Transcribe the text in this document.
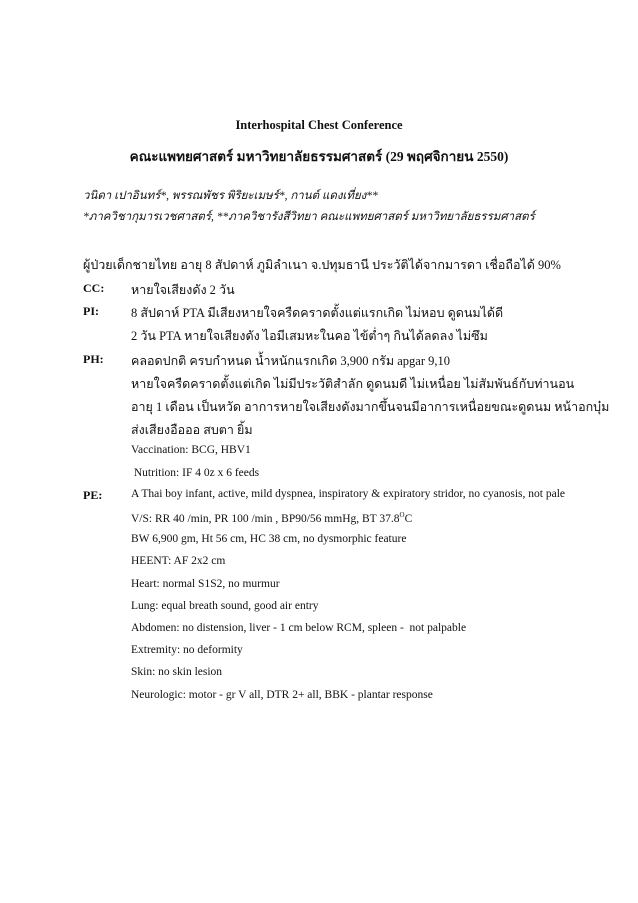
Interhospital Chest Conference
คณะแพทยศาสตร์ มหาวิทยาลัยธรรมศาสตร์ (29 พฤศจิกายน 2550)
วนิดา เปาอินทร์*, พรรณพัชร พิริยะเมษร์*, กานต์ แดงเที่ยง**
*ภาควิชากุมารเวชศาสตร์, **ภาควิชารังสีวิทยา คณะแพทยศาสตร์ มหาวิทยาลัยธรรมศาสตร์
ผู้ป่วยเด็กชายไทย อายุ 8 สัปดาห์ ภูมิลำเนา จ.ปทุมธานี ประวัติได้จากมารดา เชื่อถือได้ 90%
CC: หายใจเสียงดัง 2 วัน
PI:	8 สัปดาห์ PTA มีเสียงหายใจครืดคราดตั้งแต่แรกเกิด ไม่หอบ ดูดนมได้ดี
2 วัน PTA หายใจเสียงดัง ไอมีเสมหะในคอ ไข้ต่ำๆ กินได้ลดลง ไม่ซึม
PH: คลอดปกติ ครบกำหนด น้ำหนักแรกเกิด 3,900 กรัม apgar 9,10
หายใจครืดคราดตั้งแต่เกิด ไม่มีประวัติสำลัก ดูดนมดี ไม่เหนื่อย ไม่สัมพันธ์กับท่านอน
อายุ 1 เดือน เป็นหวัด อาการหายใจเสียงดังมากขึ้นจนมีอาการเหนื่อยขณะดูดนม หน้าอกบุ๋ม
ส่งเสียงอือออ สบตา ยิ้ม
Vaccination: BCG, HBV1
Nutrition: IF 4 0z x 6 feeds
PE: A Thai boy infant, active, mild dyspnea, inspiratory & expiratory stridor, no cyanosis, not pale
V/S: RR 40 /min, PR 100 /min , BP90/56 mmHg, BT $37.8^OC$
BW 6,900 gm, Ht 56 cm, HC 38 cm, no dysmorphic feature
HEENT: AF 2x2 cm
Heart: normal S1S2, no murmur
Lung: equal breath sound, good air entry
Abdomen: no distension, liver - 1 cm below RCM, spleen -  not palpable
Extremity: no deformity
Skin: no skin lesion
Neurologic: motor - gr V all, DTR 2+ all, BBK - plantar response
